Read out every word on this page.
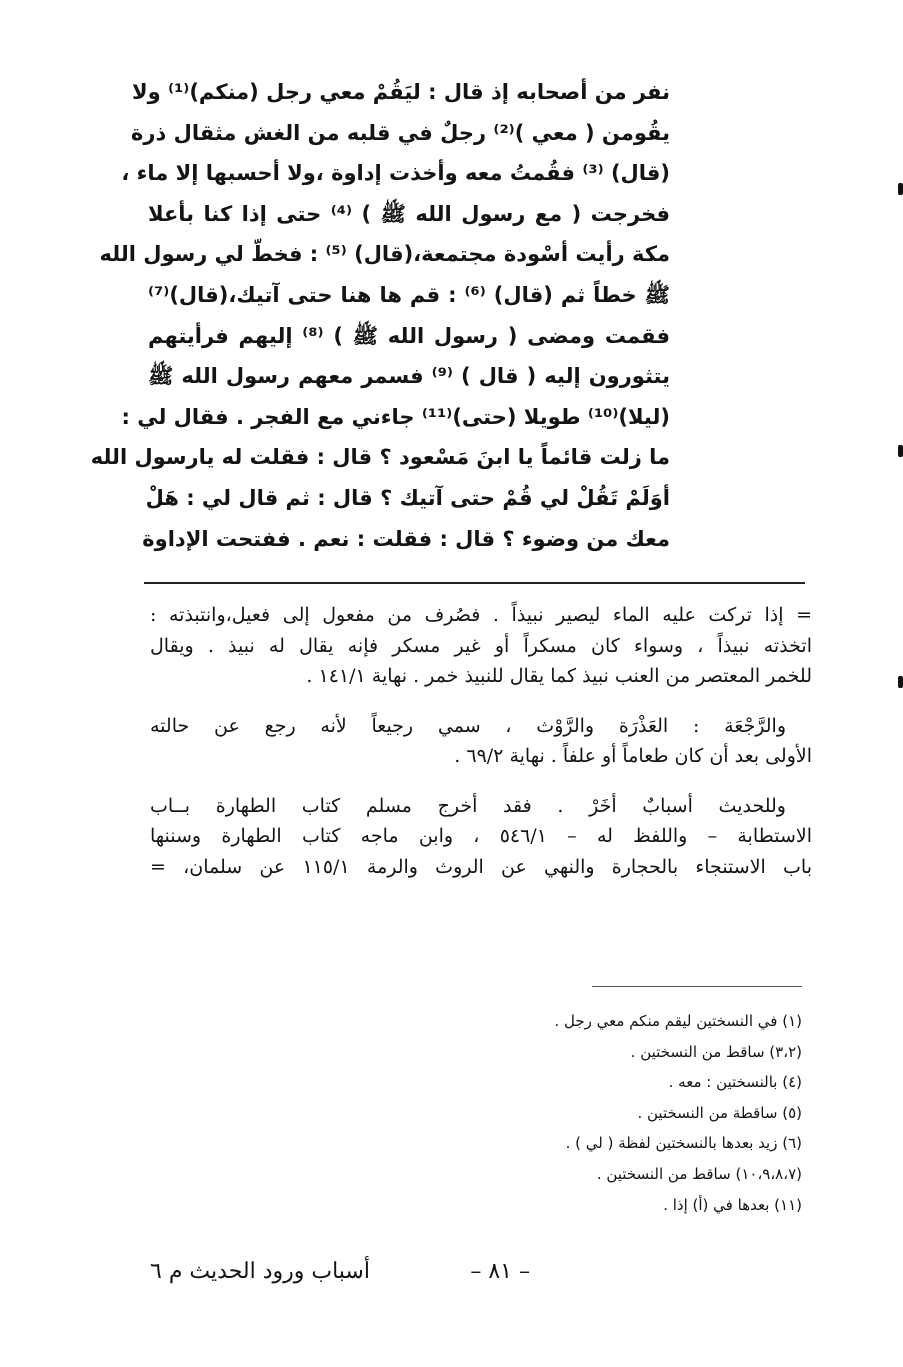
نفر من أصحابه إذ قال : ليَقُمْ معي رجل (منكم)⁽¹⁾ ولا
يقُومن ( معي )⁽²⁾ رجلٌ في قلبه من الغش مثقال ذرة
(قال) ⁽³⁾ فقُمتُ معه وأخذت إداوة ،ولا أحسبها إلا ماء ،
فخرجت ( مع رسول الله ﷺ ) ⁽⁴⁾ حتى إذا كنا بأعلا
مكة رأيت أسْودة مجتمعة،(قال) ⁽⁵⁾ : فخطّ لي رسول الله
ﷺ خطاً ثم (قال) ⁽⁶⁾ : قم ها هنا حتى آتيك،(قال)⁽⁷⁾
فقمت ومضى ( رسول الله ﷺ ) ⁽⁸⁾ إليهم فرأيتهم
يتثورون إليه ( قال ) ⁽⁹⁾ فسمر معهم رسول الله ﷺ
(ليلا)⁽¹⁰⁾ طويلا (حتى)⁽¹¹⁾ جاءني مع الفجر . فقال لي :
ما زلت قائماً يا ابنَ مَسْعود ؟ قال : فقلت له يارسول الله
أوَلَمْ تَقُلْ لي قُمْ حتى آتيك ؟ قال : ثم قال لي : هَلْ
معك من وضوء ؟ قال : فقلت : نعم . ففتحت الإداوة
= إذا تركت عليه الماء ليصير نبيذاً . فصُرف من مفعول إلى فعيل،وانتبذته :
اتخذته نبيذاً ، وسواء كان مسكراً أو غير مسكر فإنه يقال له نبيذ . ويقال
للخمر المعتصر من العنب نبيذ كما يقال للنبيذ خمر . نهاية ١٤١/١ .
والرَّجْعَة : العَذْرَة والرَّوْث ، سمي رجيعاً لأنه رجع عن حالته
الأولى بعد أن كان طعاماً أو علفاً . نهاية ٦٩/٢ .
وللحديث أسبابٌ أخَرْ . فقد أخرج مسلم كتاب الطهارة بــاب
الاستطابة – واللفظ له – ٥٤٦/١ ، وابن ماجه كتاب الطهارة وسننها
باب الاستنجاء بالحجارة والنهي عن الروث والرمة ١١٥/١ عن سلمان، =
(١) في النسختين ليقم منكم معي رجل .
(٣،٢) ساقط من النسختين .
(٤) بالنسختين : معه .
(٥) ساقطة من النسختين .
(٦) زيد بعدها بالنسختين لفظة ( لي ) .
(١٠،٩،٨،٧) ساقط من النسختين .
(١١) بعدها في (أ) إذا .
– ٨١ –
أسباب ورود الحديث م ٦
